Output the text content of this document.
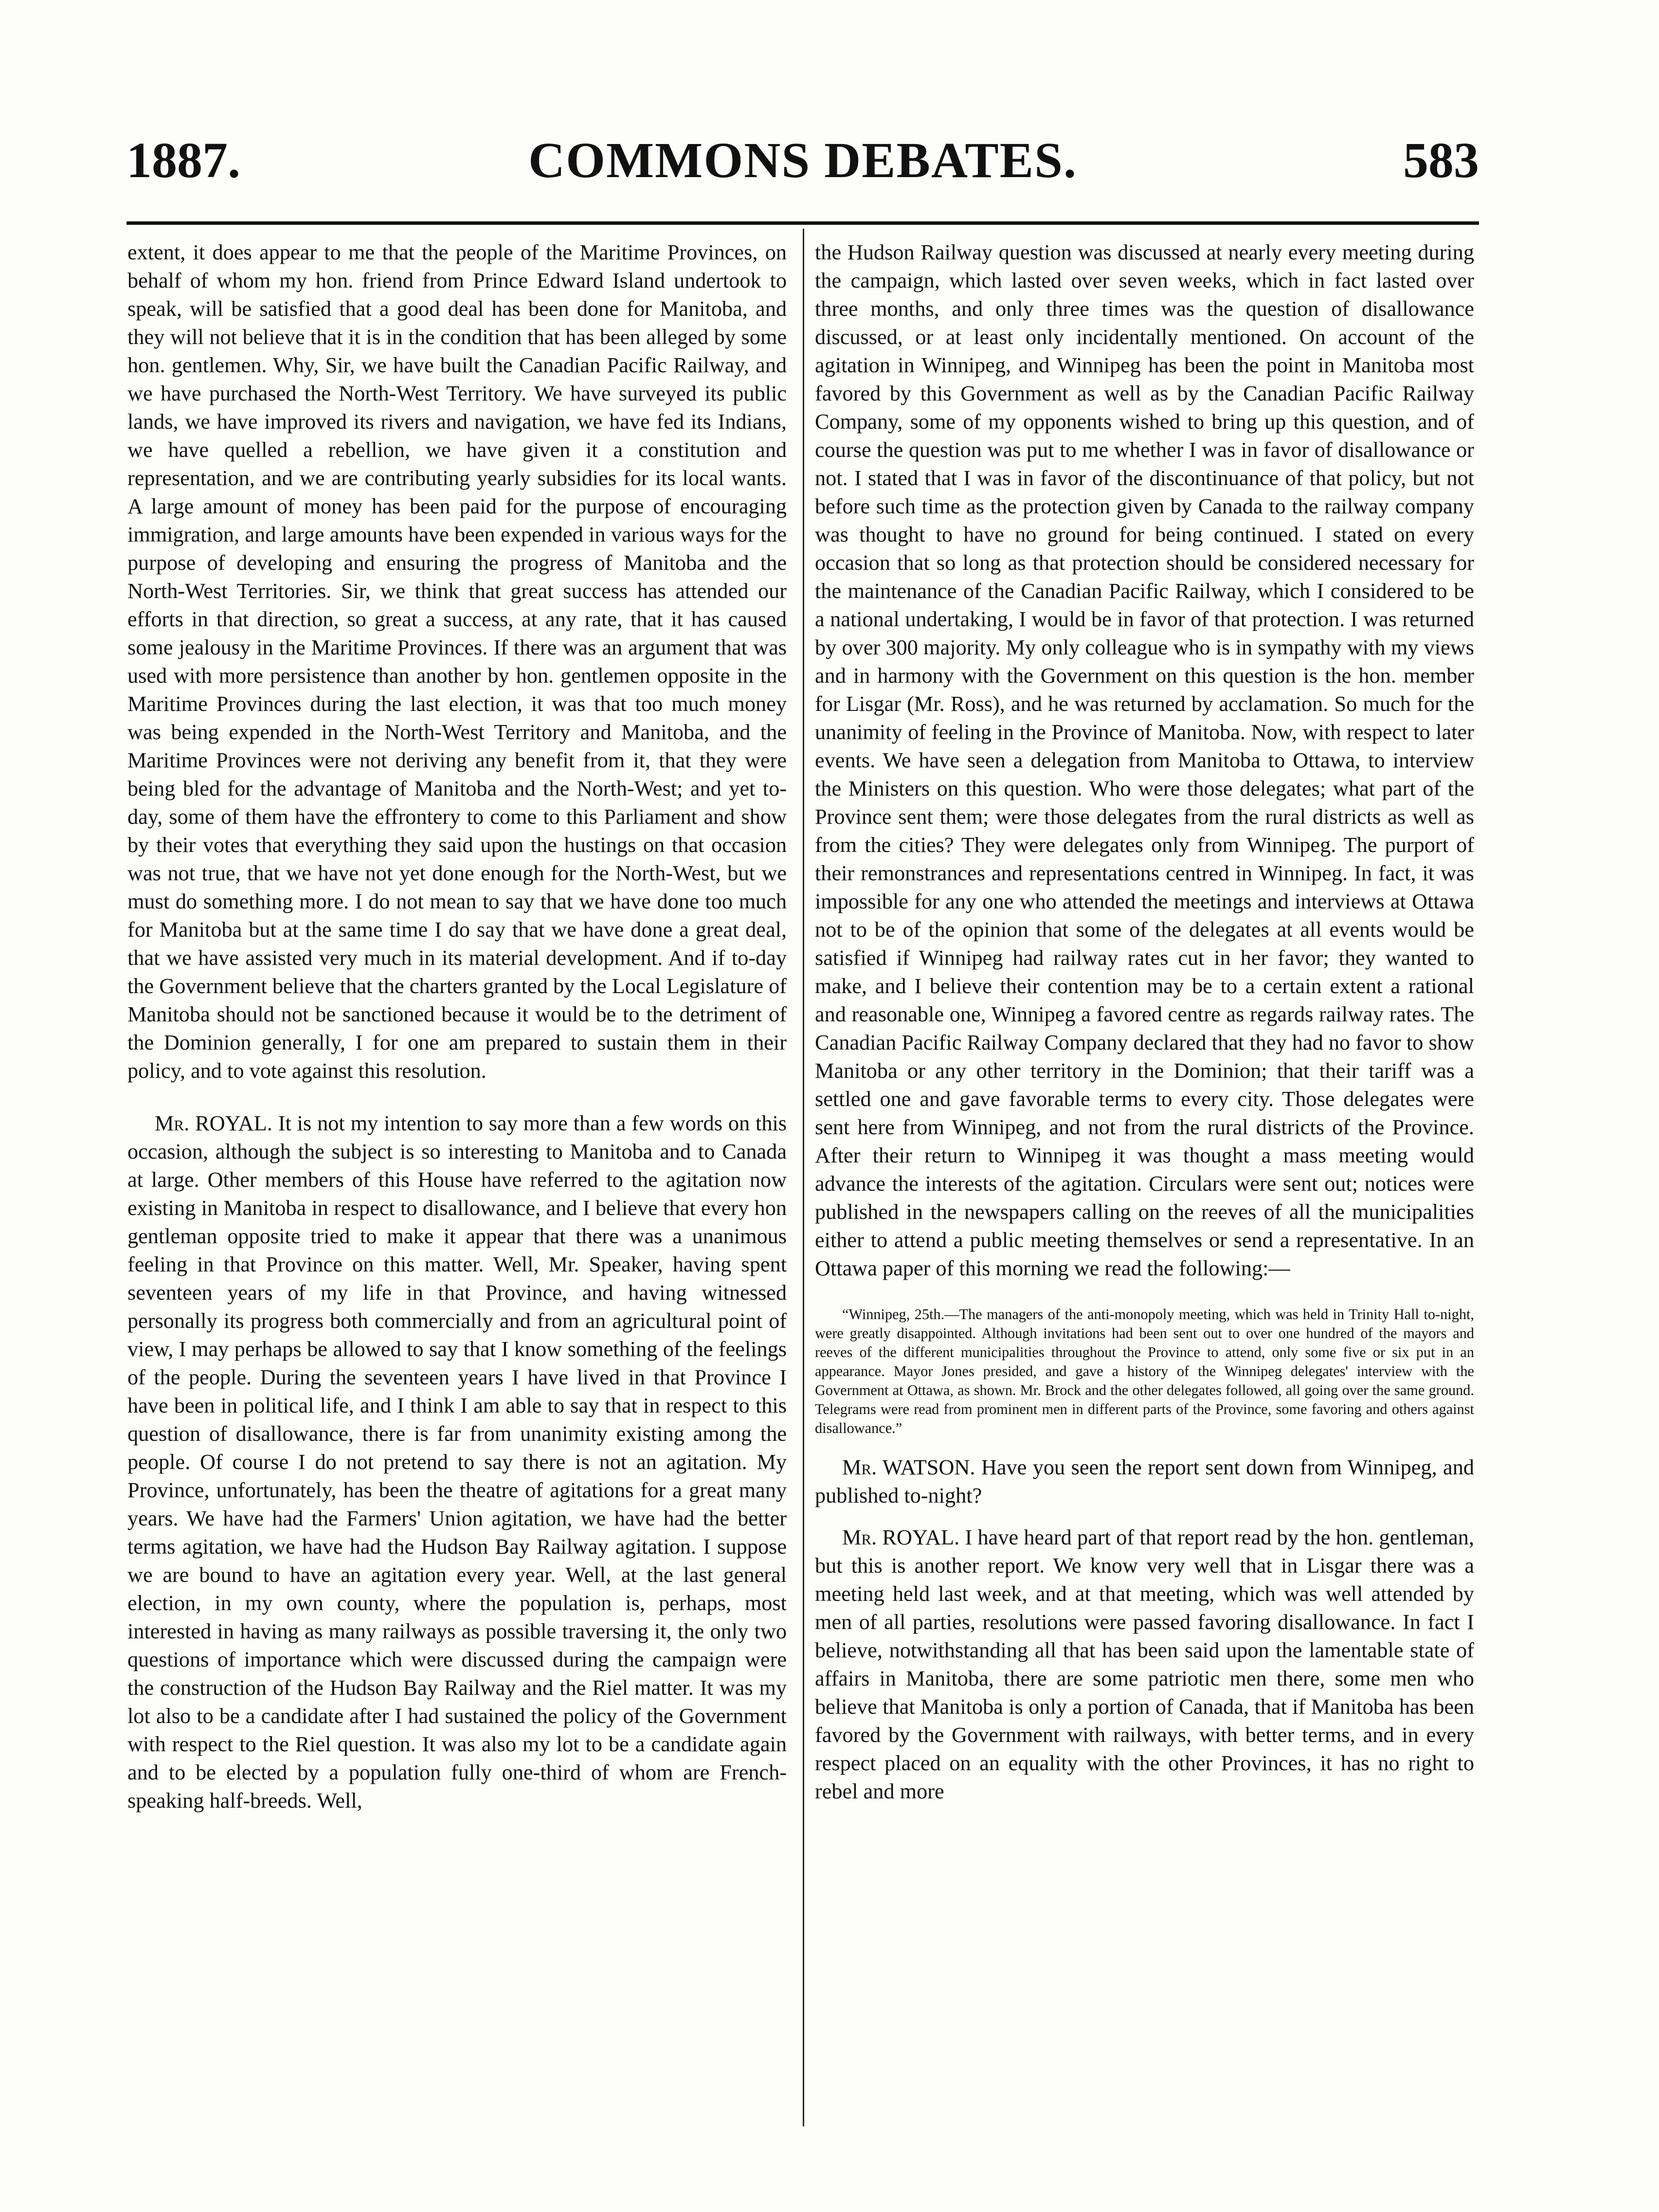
COMMONS DEBATES.
1887.	583

extent, it does appear to me that the people of the Maritime Provinces, on behalf of whom my hon. friend from Prince Edward Island undertook to speak, will be satisfied that a good deal has been done for Manitoba, and they will not believe that it is in the condition that has been alleged by some hon. gentlemen. Why, Sir, we have built the Canadian Pacific Railway, and we have purchased the North-West Territory. We have surveyed its public lands, we have improved its rivers and navigation, we have fed its Indians, we have quelled a rebellion, we have given it a constitution and representation, and we are contributing yearly subsidies for its local wants. A large amount of money has been paid for the purpose of encouraging immigration, and large amounts have been expended in various ways for the purpose of developing and ensuring the progress of Manitoba and the North-West Territories. Sir, we think that great success has attended our efforts in that direction, so great a success, at any rate, that it has caused some jealousy in the Maritime Provinces. If there was an argument that was used with more persistence than another by hon. gentlemen opposite in the Maritime Provinces during the last election, it was that too much money was being expended in the North-West Territory and Manitoba, and the Maritime Provinces were not deriving any benefit from it, that they were being bled for the advantage of Manitoba and the North-West; and yet to-day, some of them have the effrontery to come to this Parliament and show by their votes that everything they said upon the hustings on that occasion was not true, that we have not yet done enough for the North-West, but we must do something more. I do not mean to say that we have done too much for Manitoba but at the same time I do say that we have done a great deal, that we have assisted very much in its material development. And if to-day the Government believe that the charters granted by the Local Legislature of Manitoba should not be sanctioned because it would be to the detriment of the Dominion generally, I for one am prepared to sustain them in their policy, and to vote against this resolution.

Mr. ROYAL. It is not my intention to say more than a few words on this occasion, although the subject is so interesting to Manitoba and to Canada at large. Other members of this House have referred to the agitation now existing in Manitoba in respect to disallowance, and I believe that every hon gentleman opposite tried to make it appear that there was a unanimous feeling in that Province on this matter. Well, Mr. Speaker, having spent seventeen years of my life in that Province, and having witnessed personally its progress both commercially and from an agricultural point of view, I may perhaps be allowed to say that I know something of the feelings of the people. During the seventeen years I have lived in that Province I have been in political life, and I think I am able to say that in respect to this question of disallowance, there is far from unanimity existing among the people. Of course I do not pretend to say there is not an agitation. My Province, unfortunately, has been the theatre of agitations for a great many years. We have had the Farmers' Union agitation, we have had the better terms agitation, we have had the Hudson Bay Railway agitation. I suppose we are bound to have an agitation every year. Well, at the last general election, in my own county, where the population is, perhaps, most interested in having as many railways as possible traversing it, the only two questions of importance which were discussed during the campaign were the construction of the Hudson Bay Railway and the Riel matter. It was my lot also to be a candidate after I had sustained the policy of the Government with respect to the Riel question. It was also my lot to be a candidate again and to be elected by a population fully one-third of whom are French-speaking half-breeds. Well,

the Hudson Railway question was discussed at nearly every meeting during the campaign, which lasted over seven weeks, which in fact lasted over three months, and only three times was the question of disallowance discussed, or at least only incidentally mentioned. On account of the agitation in Winnipeg, and Winnipeg has been the point in Manitoba most favored by this Government as well as by the Canadian Pacific Railway Company, some of my opponents wished to bring up this question, and of course the question was put to me whether I was in favor of disallowance or not. I stated that I was in favor of the discontinuance of that policy, but not before such time as the protection given by Canada to the railway company was thought to have no ground for being continued. I stated on every occasion that so long as that protection should be considered necessary for the maintenance of the Canadian Pacific Railway, which I considered to be a national undertaking, I would be in favor of that protection. I was returned by over 300 majority. My only colleague who is in sympathy with my views and in harmony with the Government on this question is the hon. member for Lisgar (Mr. Ross), and he was returned by acclamation. So much for the unanimity of feeling in the Province of Manitoba. Now, with respect to later events. We have seen a delegation from Manitoba to Ottawa, to interview the Ministers on this question. Who were those delegates; what part of the Province sent them; were those delegates from the rural districts as well as from the cities? They were delegates only from Winnipeg. The purport of their remonstrances and representations centred in Winnipeg. In fact, it was impossible for any one who attended the meetings and interviews at Ottawa not to be of the opinion that some of the delegates at all events would be satisfied if Winnipeg had railway rates cut in her favor; they wanted to make, and I believe their contention may be to a certain extent a rational and reasonable one, Winnipeg a favored centre as regards railway rates. The Canadian Pacific Railway Company declared that they had no favor to show Manitoba or any other territory in the Dominion; that their tariff was a settled one and gave favorable terms to every city. Those delegates were sent here from Winnipeg, and not from the rural districts of the Province. After their return to Winnipeg it was thought a mass meeting would advance the interests of the agitation. Circulars were sent out; notices were published in the newspapers calling on the reeves of all the municipalities either to attend a public meeting themselves or send a representative. In an Ottawa paper of this morning we read the following:—

“Winnipeg, 25th.—The managers of the anti-monopoly meeting, which was held in Trinity Hall to-night, were greatly disappointed. Although invitations had been sent out to over one hundred of the mayors and reeves of the different municipalities throughout the Province to attend, only some five or six put in an appearance. Mayor Jones presided, and gave a history of the Winnipeg delegates' interview with the Government at Ottawa, as shown. Mr. Brock and the other delegates followed, all going over the same ground. Telegrams were read from prominent men in different parts of the Province, some favoring and others against disallowance.”

Mr. WATSON. Have you seen the report sent down from Winnipeg, and published to-night?

Mr. ROYAL. I have heard part of that report read by the hon. gentleman, but this is another report. We know very well that in Lisgar there was a meeting held last week, and at that meeting, which was well attended by men of all parties, resolutions were passed favoring disallowance. In fact I believe, notwithstanding all that has been said upon the lamentable state of affairs in Manitoba, there are some patriotic men there, some men who believe that Manitoba is only a portion of Canada, that if Manitoba has been favored by the Government with railways, with better terms, and in every respect placed on an equality with the other Provinces, it has no right to rebel and more
